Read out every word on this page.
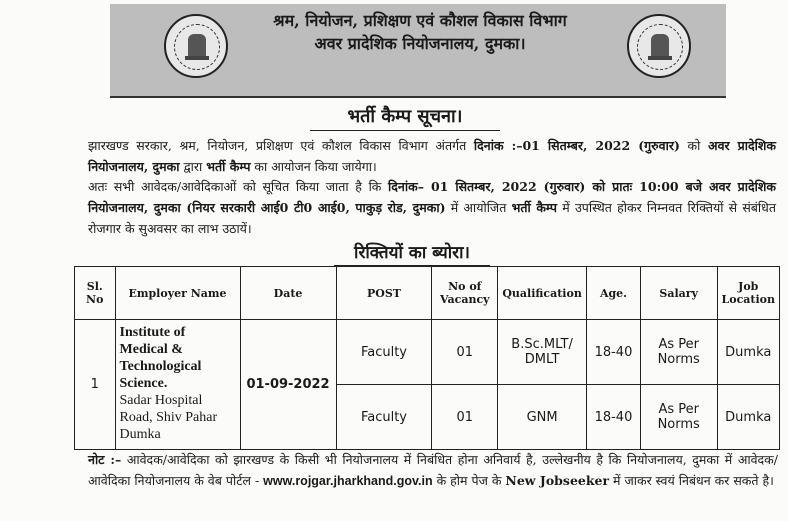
श्रम, नियोजन, प्रशिक्षण एवं कौशल विकास विभाग
अवर प्रादेशिक नियोजनालय, दुमका।
भर्ती कैम्प सूचना।
झारखण्ड सरकार, श्रम, नियोजन, प्रशिक्षण एवं कौशल विकास विभाग अंतर्गत दिनांक :–01 सितम्बर, 2022 (गुरुवार) को अवर प्रादेशिक नियोजनालय, दुमका द्वारा भर्ती कैम्प का आयोजन किया जायेगा।
अतः सभी आवेदक/आवेदिकाओं को सूचित किया जाता है कि दिनांक– 01 सितम्बर, 2022 (गुरुवार) को प्रातः 10:00 बजे अवर प्रादेशिक नियोजनालय, दुमका (नियर सरकारी आई0 टी0 आई0, पाकुड़ रोड, दुमका) में आयोजित भर्ती कैम्प में उपस्थित होकर निम्नवत रिक्तियों से संबंधित रोजगार के सुअवसर का लाभ उठायें।
रिक्तियों का ब्योरा।
Sl. No	Employer Name	Date	POST	No of Vacancy	Qualification	Age.	Salary	Job Location
1	Institute of Medical & Technological Science.
Sadar Hospital Road, Shiv Pahar Dumka	01-09-2022	Faculty	01	B.Sc.MLT/ DMLT	18-40	As Per Norms	Dumka
			Faculty	01	GNM	18-40	As Per Norms	Dumka
नोट :– आवेदक/आवेदिका को झारखण्ड के किसी भी नियोजनालय में निबंधित होना अनिवार्य है, उल्लेखनीय है कि नियोजनालय, दुमका में आवेदक/आवेदिका नियोजनालय के वेब पोर्टल - www.rojgar.jharkhand.gov.in के होम पेज के New Jobseeker में जाकर स्वयं निबंधन कर सकते है।
